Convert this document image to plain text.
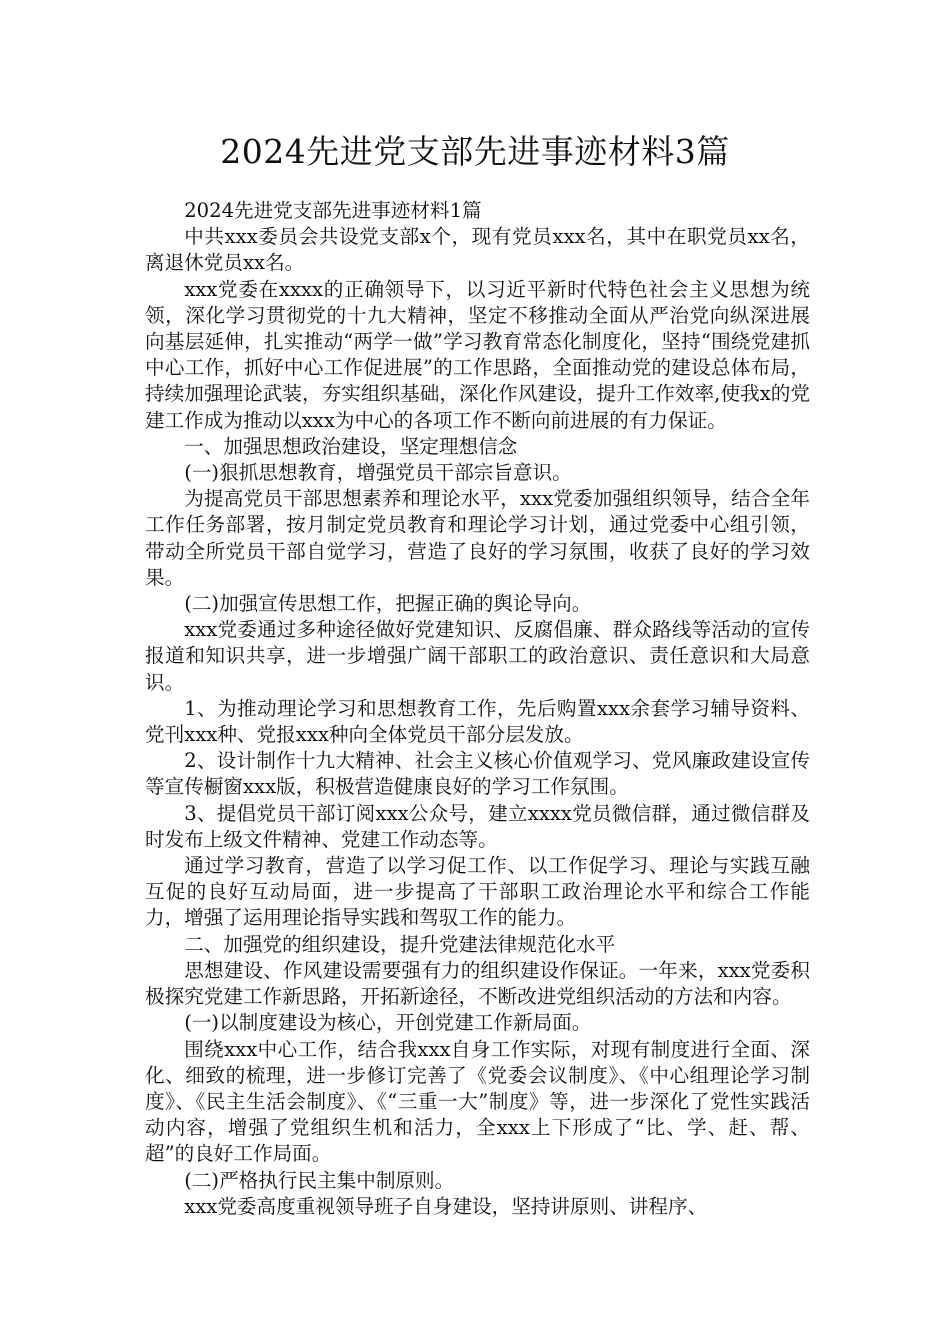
2024先进党支部先进事迹材料3篇

2024先进党支部先进事迹材料1篇

中共xxx委员会共设党支部x个，现有党员xxx名，其中在职党员xx名，离退休党员xx名。

xxx党委在xxxx的正确领导下，以习近平新时代特色社会主义思想为统领，深化学习贯彻党的十九大精神，坚定不移推动全面从严治党向纵深进展向基层延伸，扎实推动“两学一做”学习教育常态化制度化，坚持“围绕党建抓中心工作，抓好中心工作促进展”的工作思路，全面推动党的建设总体布局，持续加强理论武装，夯实组织基础，深化作风建设，提升工作效率,使我x的党建工作成为推动以xxx为中心的各项工作不断向前进展的有力保证。

一、加强思想政治建设，坚定理想信念

(一)狠抓思想教育，增强党员干部宗旨意识。

为提高党员干部思想素养和理论水平，xxx党委加强组织领导，结合全年工作任务部署，按月制定党员教育和理论学习计划，通过党委中心组引领，带动全所党员干部自觉学习，营造了良好的学习氛围，收获了良好的学习效果。

(二)加强宣传思想工作，把握正确的舆论导向。

xxx党委通过多种途径做好党建知识、反腐倡廉、群众路线等活动的宣传报道和知识共享，进一步增强广阔干部职工的政治意识、责任意识和大局意识。

1、为推动理论学习和思想教育工作，先后购置xxx余套学习辅导资料、党刊xxx种、党报xxx种向全体党员干部分层发放。

2、设计制作十九大精神、社会主义核心价值观学习、党风廉政建设宣传等宣传橱窗xxx版，积极营造健康良好的学习工作氛围。

3、提倡党员干部订阅xxx公众号，建立xxxx党员微信群，通过微信群及时发布上级文件精神、党建工作动态等。

通过学习教育，营造了以学习促工作、以工作促学习、理论与实践互融互促的良好互动局面，进一步提高了干部职工政治理论水平和综合工作能力，增强了运用理论指导实践和驾驭工作的能力。

二、加强党的组织建设，提升党建法律规范化水平

思想建设、作风建设需要强有力的组织建设作保证。一年来，xxx党委积极探究党建工作新思路，开拓新途径，不断改进党组织活动的方法和内容。

(一)以制度建设为核心，开创党建工作新局面。

围绕xxx中心工作，结合我xxx自身工作实际，对现有制度进行全面、深化、细致的梳理，进一步修订完善了《党委会议制度》、《中心组理论学习制度》、《民主生活会制度》、《“三重一大”制度》等，进一步深化了党性实践活动内容，增强了党组织生机和活力，全xxx上下形成了“比、学、赶、帮、超”的良好工作局面。

(二)严格执行民主集中制原则。

xxx党委高度重视领导班子自身建设，坚持讲原则、讲程序、
